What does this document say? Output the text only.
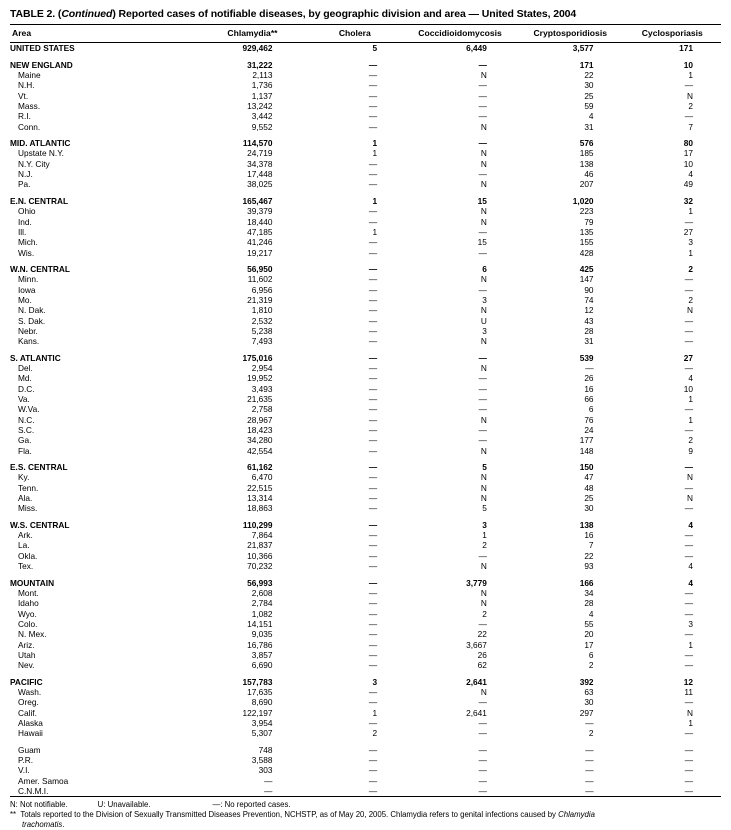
TABLE 2. (Continued) Reported cases of notifiable diseases, by geographic division and area — United States, 2004
Area	Chlamydia**	Cholera	Coccidioidomycosis	Cryptosporidiosis	Cyclosporiasis
UNITED STATES	929,462	5	6,449	3,577	171

NEW ENGLAND	31,222	—	—	171	10
Maine	2,113	—	N	22	1
N.H.	1,736	—	—	30	—
Vt.	1,137	—	—	25	N
Mass.	13,242	—	—	59	2
R.I.	3,442	—	—	4	—
Conn.	9,552	—	N	31	7

MID. ATLANTIC	114,570	1	—	576	80
Upstate N.Y.	24,719	1	N	185	17
N.Y. City	34,378	—	N	138	10
N.J.	17,448	—	—	46	4
Pa.	38,025	—	N	207	49

E.N. CENTRAL	165,467	1	15	1,020	32
Ohio	39,379	—	N	223	1
Ind.	18,440	—	N	79	—
Ill.	47,185	1	—	135	27
Mich.	41,246	—	15	155	3
Wis.	19,217	—	—	428	1

W.N. CENTRAL	56,950	—	6	425	2
Minn.	11,602	—	N	147	—
Iowa	6,956	—	—	90	—
Mo.	21,319	—	3	74	2
N. Dak.	1,810	—	N	12	N
S. Dak.	2,532	—	U	43	—
Nebr.	5,238	—	3	28	—
Kans.	7,493	—	N	31	—

S. ATLANTIC	175,016	—	—	539	27
Del.	2,954	—	N	—	—
Md.	19,952	—	—	26	4
D.C.	3,493	—	—	16	10
Va.	21,635	—	—	66	1
W.Va.	2,758	—	—	6	—
N.C.	28,967	—	N	76	1
S.C.	18,423	—	—	24	—
Ga.	34,280	—	—	177	2
Fla.	42,554	—	N	148	9

E.S. CENTRAL	61,162	—	5	150	—
Ky.	6,470	—	N	47	N
Tenn.	22,515	—	N	48	—
Ala.	13,314	—	N	25	N
Miss.	18,863	—	5	30	—

W.S. CENTRAL	110,299	—	3	138	4
Ark.	7,864	—	1	16	—
La.	21,837	—	2	7	—
Okla.	10,366	—	—	22	—
Tex.	70,232	—	N	93	4

MOUNTAIN	56,993	—	3,779	166	4
Mont.	2,608	—	N	34	—
Idaho	2,784	—	N	28	—
Wyo.	1,082	—	2	4	—
Colo.	14,151	—	—	55	3
N. Mex.	9,035	—	22	20	—
Ariz.	16,786	—	3,667	17	1
Utah	3,857	—	26	6	—
Nev.	6,690	—	62	2	—

PACIFIC	157,783	3	2,641	392	12
Wash.	17,635	—	N	63	11
Oreg.	8,690	—	—	30	—
Calif.	122,197	1	2,641	297	N
Alaska	3,954	—	—	—	1
Hawaii	5,307	2	—	2	—

Guam	748	—	—	—	—
P.R.	3,588	—	—	—	—
V.I.	303	—	—	—	—
Amer. Samoa	—	—	—	—	—
C.N.M.I.	—	—	—	—	—
N: Not notifiable.	U: Unavailable.	—: No reported cases.
** Totals reported to the Division of Sexually Transmitted Diseases Prevention, NCHSTP, as of May 20, 2005. Chlamydia refers to genital infections caused by Chlamydia
trachomatis.
